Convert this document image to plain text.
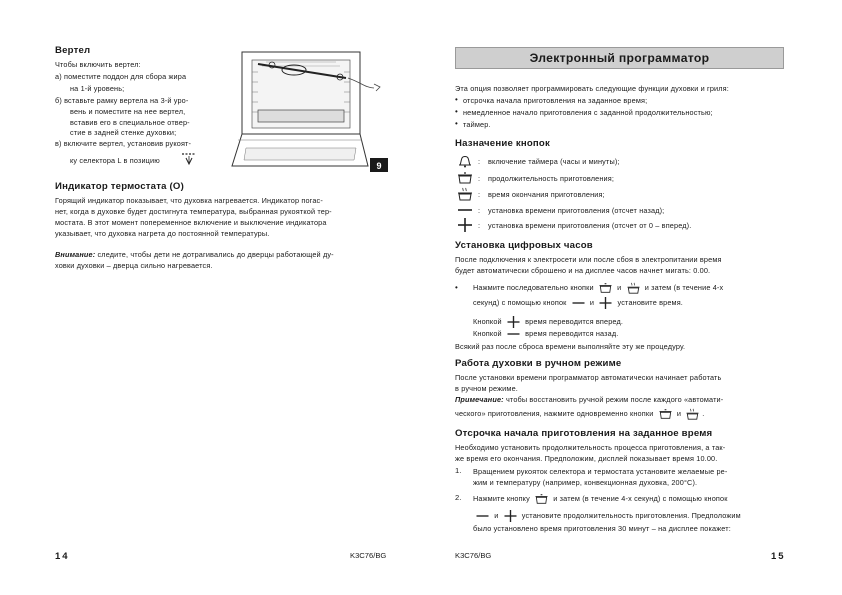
Вертел
Чтобы включить вертел:
а) поместите поддон для сбора жира
на 1-й уровень;
б) вставьте рамку вертела на 3-й уро-
вень и поместите на нее вертел,
вставив его в специальное отвер-
стие в задней стенке духовки;
в) включите вертел, установив рукоят-
ку селектора L в позицию
9
Индикатор термостата (O)
Горящий индикатор показывает, что духовка нагревается. Индикатор погас-
нет, когда в духовке будет достигнута температура, выбранная рукояткой тер-
мостата. В этот момент попеременное включение и выключение индикатора
указывает, что духовка нагрета до постоянной температуры.
Внимание: следите, чтобы дети не дотрагивались до дверцы работающей ду-
ховки духовки – дверца сильно нагревается.
14	K3C76/BG
Электронный программатор
Эта опция позволяет программировать следующие функции духовки и гриля:
• отсрочка начала приготовления на заданное время;
• немедленное начало приготовления с заданной продолжительностью;
• таймер.
Назначение кнопок
: включение таймера (часы и минуты);
: продолжительность приготовления;
: время окончания приготовления;
: установка времени приготовления (отсчет назад);
: установка времени приготовления (отсчет от 0 – вперед).
Установка цифровых часов
После подключения к электросети или после сбоя в электропитании время
будет автоматически сброшено и на дисплее часов начнет мигать: 0.00.
• Нажмите последовательно кнопки	и	и затем (в течение 4-х
секунд) с помощью кнопок	и	установите время.
Кнопкой	время переводится вперед.
Кнопкой	время переводится назад.
Всякий раз после сброса времени выполняйте эту же процедуру.
Работа духовки в ручном режиме
После установки времени программатор автоматически начинает работать
в ручном режиме.
Примечание: чтобы восстановить ручной режим после каждого «автомати-
ческого» приготовления, нажмите одновременно кнопки	и	.
Отсрочка начала приготовления на заданное время
Необходимо установить продолжительность процесса приготовления, а так-
же время его окончания. Предположим, дисплей показывает время 10.00.
1. Вращением рукояток селектора и термостата установите желаемые ре-
жим и температуру (например, конвекционная духовка, 200°С).
2. Нажмите кнопку	и затем (в течение 4-х секунд) с помощью кнопок
и	установите продолжительность приготовления. Предположим
было установлено время приготовления 30 минут – на дисплее покажет:
K3C76/BG	15
